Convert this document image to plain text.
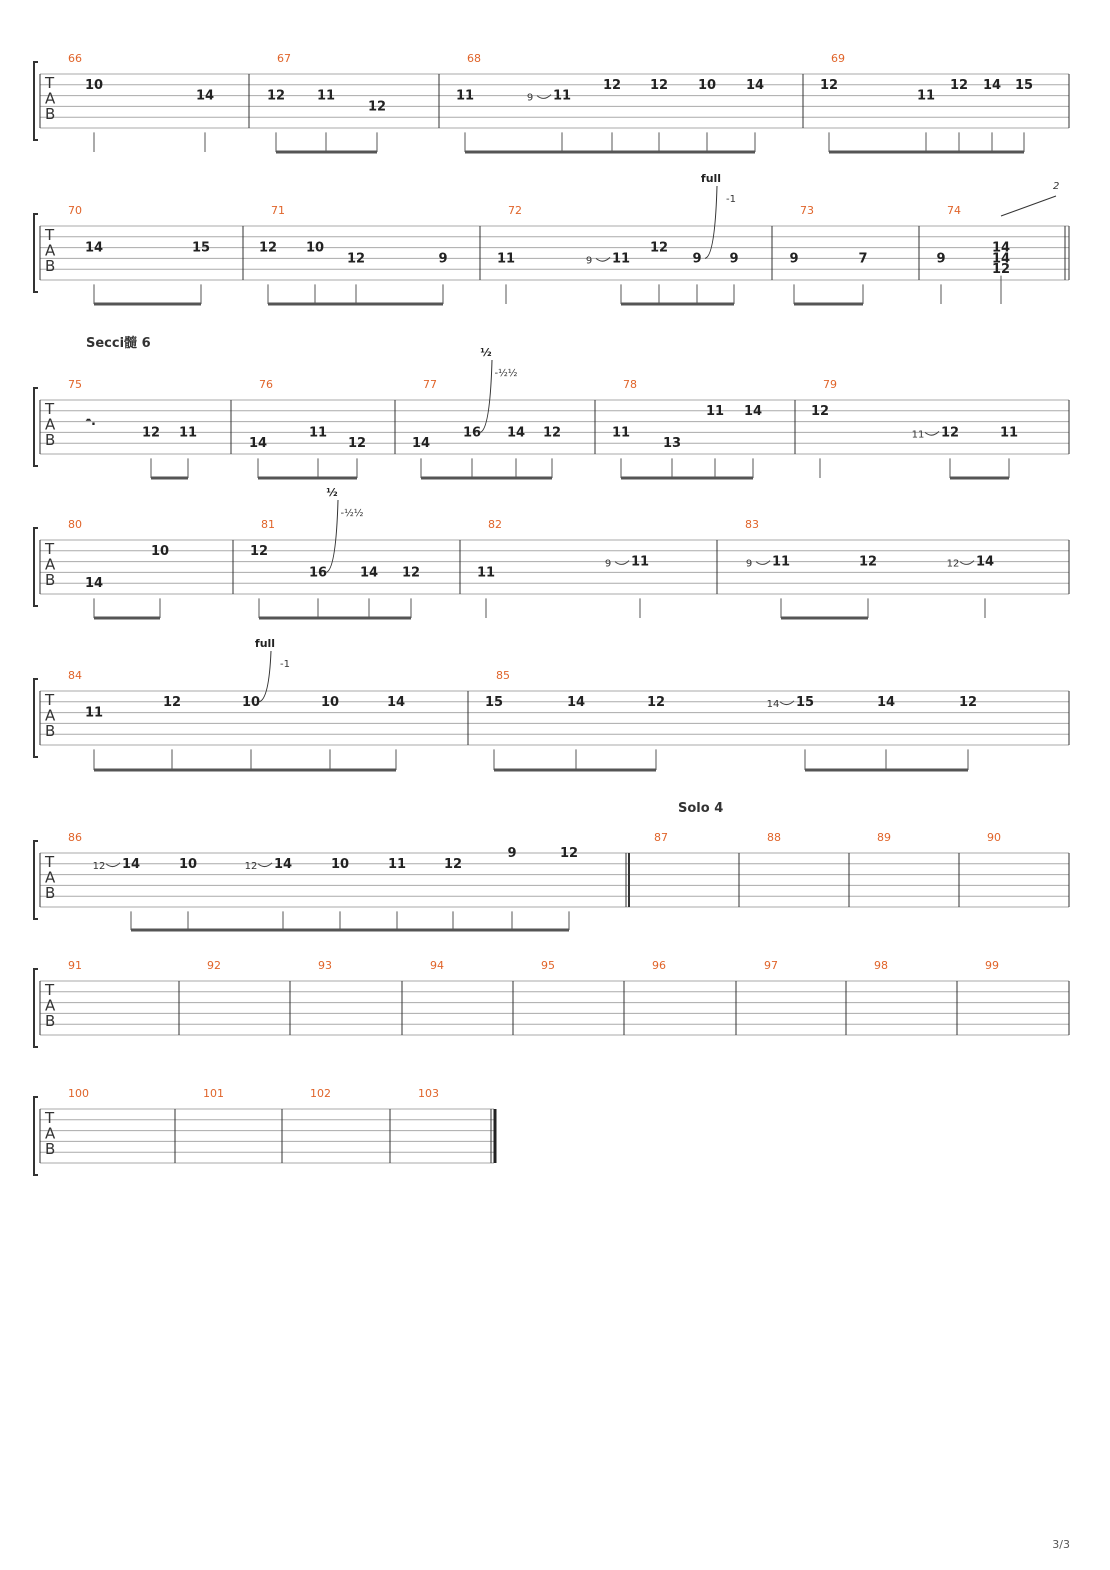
Secci髓 6
Solo 4
T
A
B
66
10
14
67
12 11
12
68
11	9 11
12 12 10 14
69
12
11
12 14 15
T
A
B
2
70
14	15
71
12 10
12	9
72
11	9 11
12
9
full
-1
9
73
9	7
74
9
14
14
12
T
A
B
75
𝄼.
12 11
76
14
11
12
77
14
16
½
-½½
14 12
78
11
13
11 14
79
12
11 12	11
T
A
B
80
14
10
81
12
16
½
-½½
14 12
82
11
9 11
83
9 11	12	12 14
T
A
B
84
11
12	10
full
-1
10	14
85
15	14	12	14 15	14	12
T
A
B
86
12 14	10	12 14	10	11	12
9	12
87	88	89	90
T
A
B
91	92	93	94	95	96	97	98	99
T
A
B
100	101	102	103
3/3
